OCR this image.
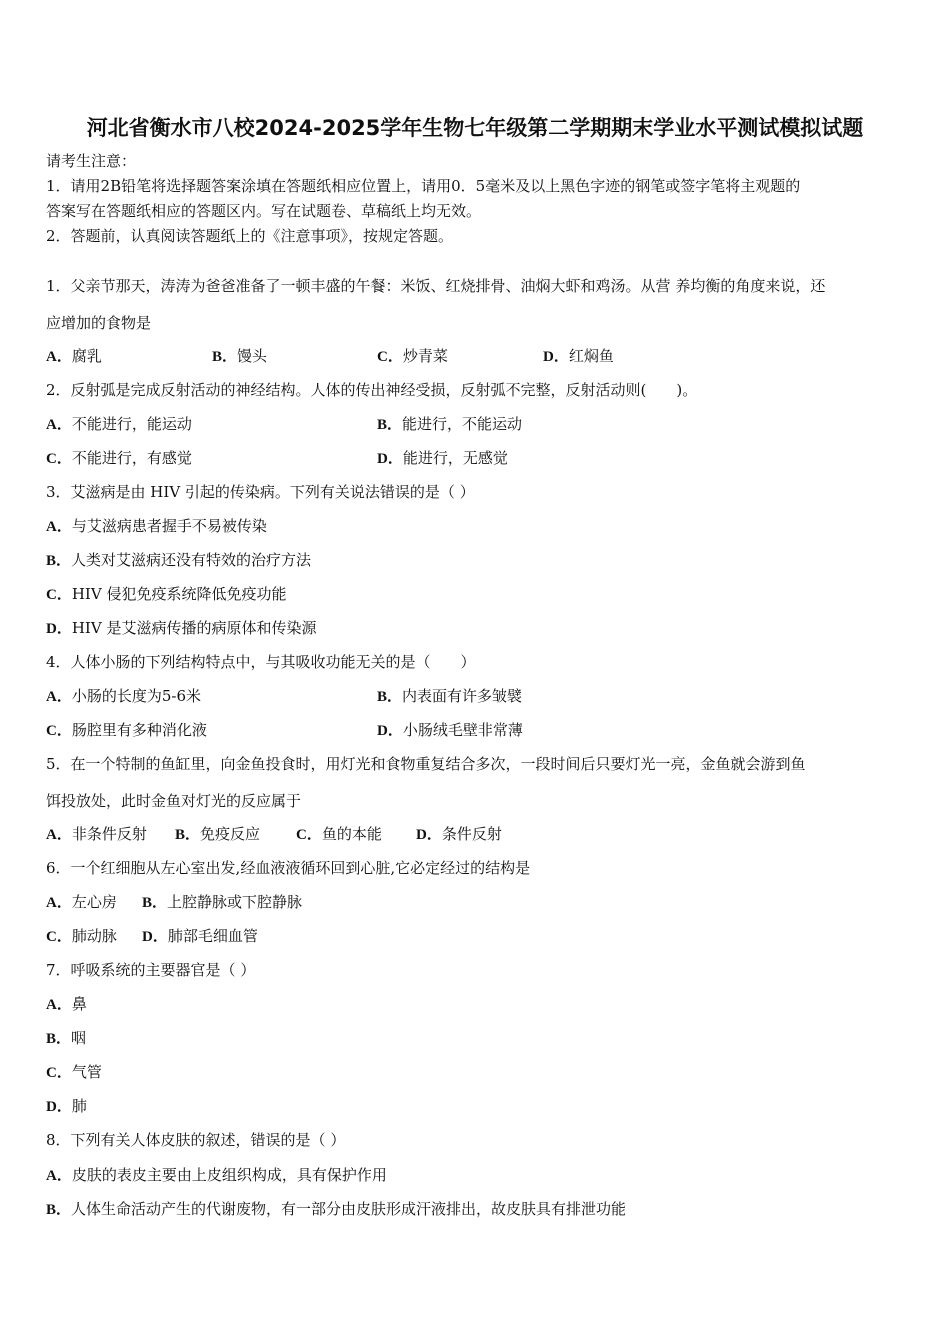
河北省衡水市八校2024-2025学年生物七年级第二学期期末学业水平测试模拟试题
请考生注意：
1．请用2B铅笔将选择题答案涂填在答题纸相应位置上，请用0．5毫米及以上黑色字迹的钢笔或签字笔将主观题的
答案写在答题纸相应的答题区内。写在试题卷、草稿纸上均无效。
2．答题前，认真阅读答题纸上的《注意事项》，按规定答题。
1．父亲节那天，涛涛为爸爸准备了一顿丰盛的午餐：米饭、红烧排骨、油焖大虾和鸡汤。从营 养均衡的角度来说，还
应增加的食物是
A．腐乳	B．馒头	C．炒青菜	D．红焖鱼
2．反射弧是完成反射活动的神经结构。人体的传出神经受损，反射弧不完整，反射活动则(　　)。
A．不能进行，能运动	B．能进行，不能运动
C．不能进行，有感觉	D．能进行，无感觉
3．艾滋病是由 HIV 引起的传染病。下列有关说法错误的是（ ）
A．与艾滋病患者握手不易被传染
B．人类对艾滋病还没有特效的治疗方法
C．HIV 侵犯免疫系统降低免疫功能
D．HIV 是艾滋病传播的病原体和传染源
4．人体小肠的下列结构特点中，与其吸收功能无关的是（　　）
A．小肠的长度为5-6米	B．内表面有许多皱襞
C．肠腔里有多种消化液	D．小肠绒毛壁非常薄
5．在一个特制的鱼缸里，向金鱼投食时，用灯光和食物重复结合多次，一段时间后只要灯光一亮，金鱼就会游到鱼
饵投放处，此时金鱼对灯光的反应属于
A．非条件反射 B．免疫反应 C．鱼的本能 D．条件反射
6．一个红细胞从左心室出发,经血液液循环回到心脏,它必定经过的结构是
A．左心房 B．上腔静脉或下腔静脉
C．肺动脉 D．肺部毛细血管
7．呼吸系统的主要器官是（ ）
A．鼻
B．咽
C．气管
D．肺
8．下列有关人体皮肤的叙述，错误的是（ ）
A．皮肤的表皮主要由上皮组织构成，具有保护作用
B．人体生命活动产生的代谢废物，有一部分由皮肤形成汗液排出，故皮肤具有排泄功能
